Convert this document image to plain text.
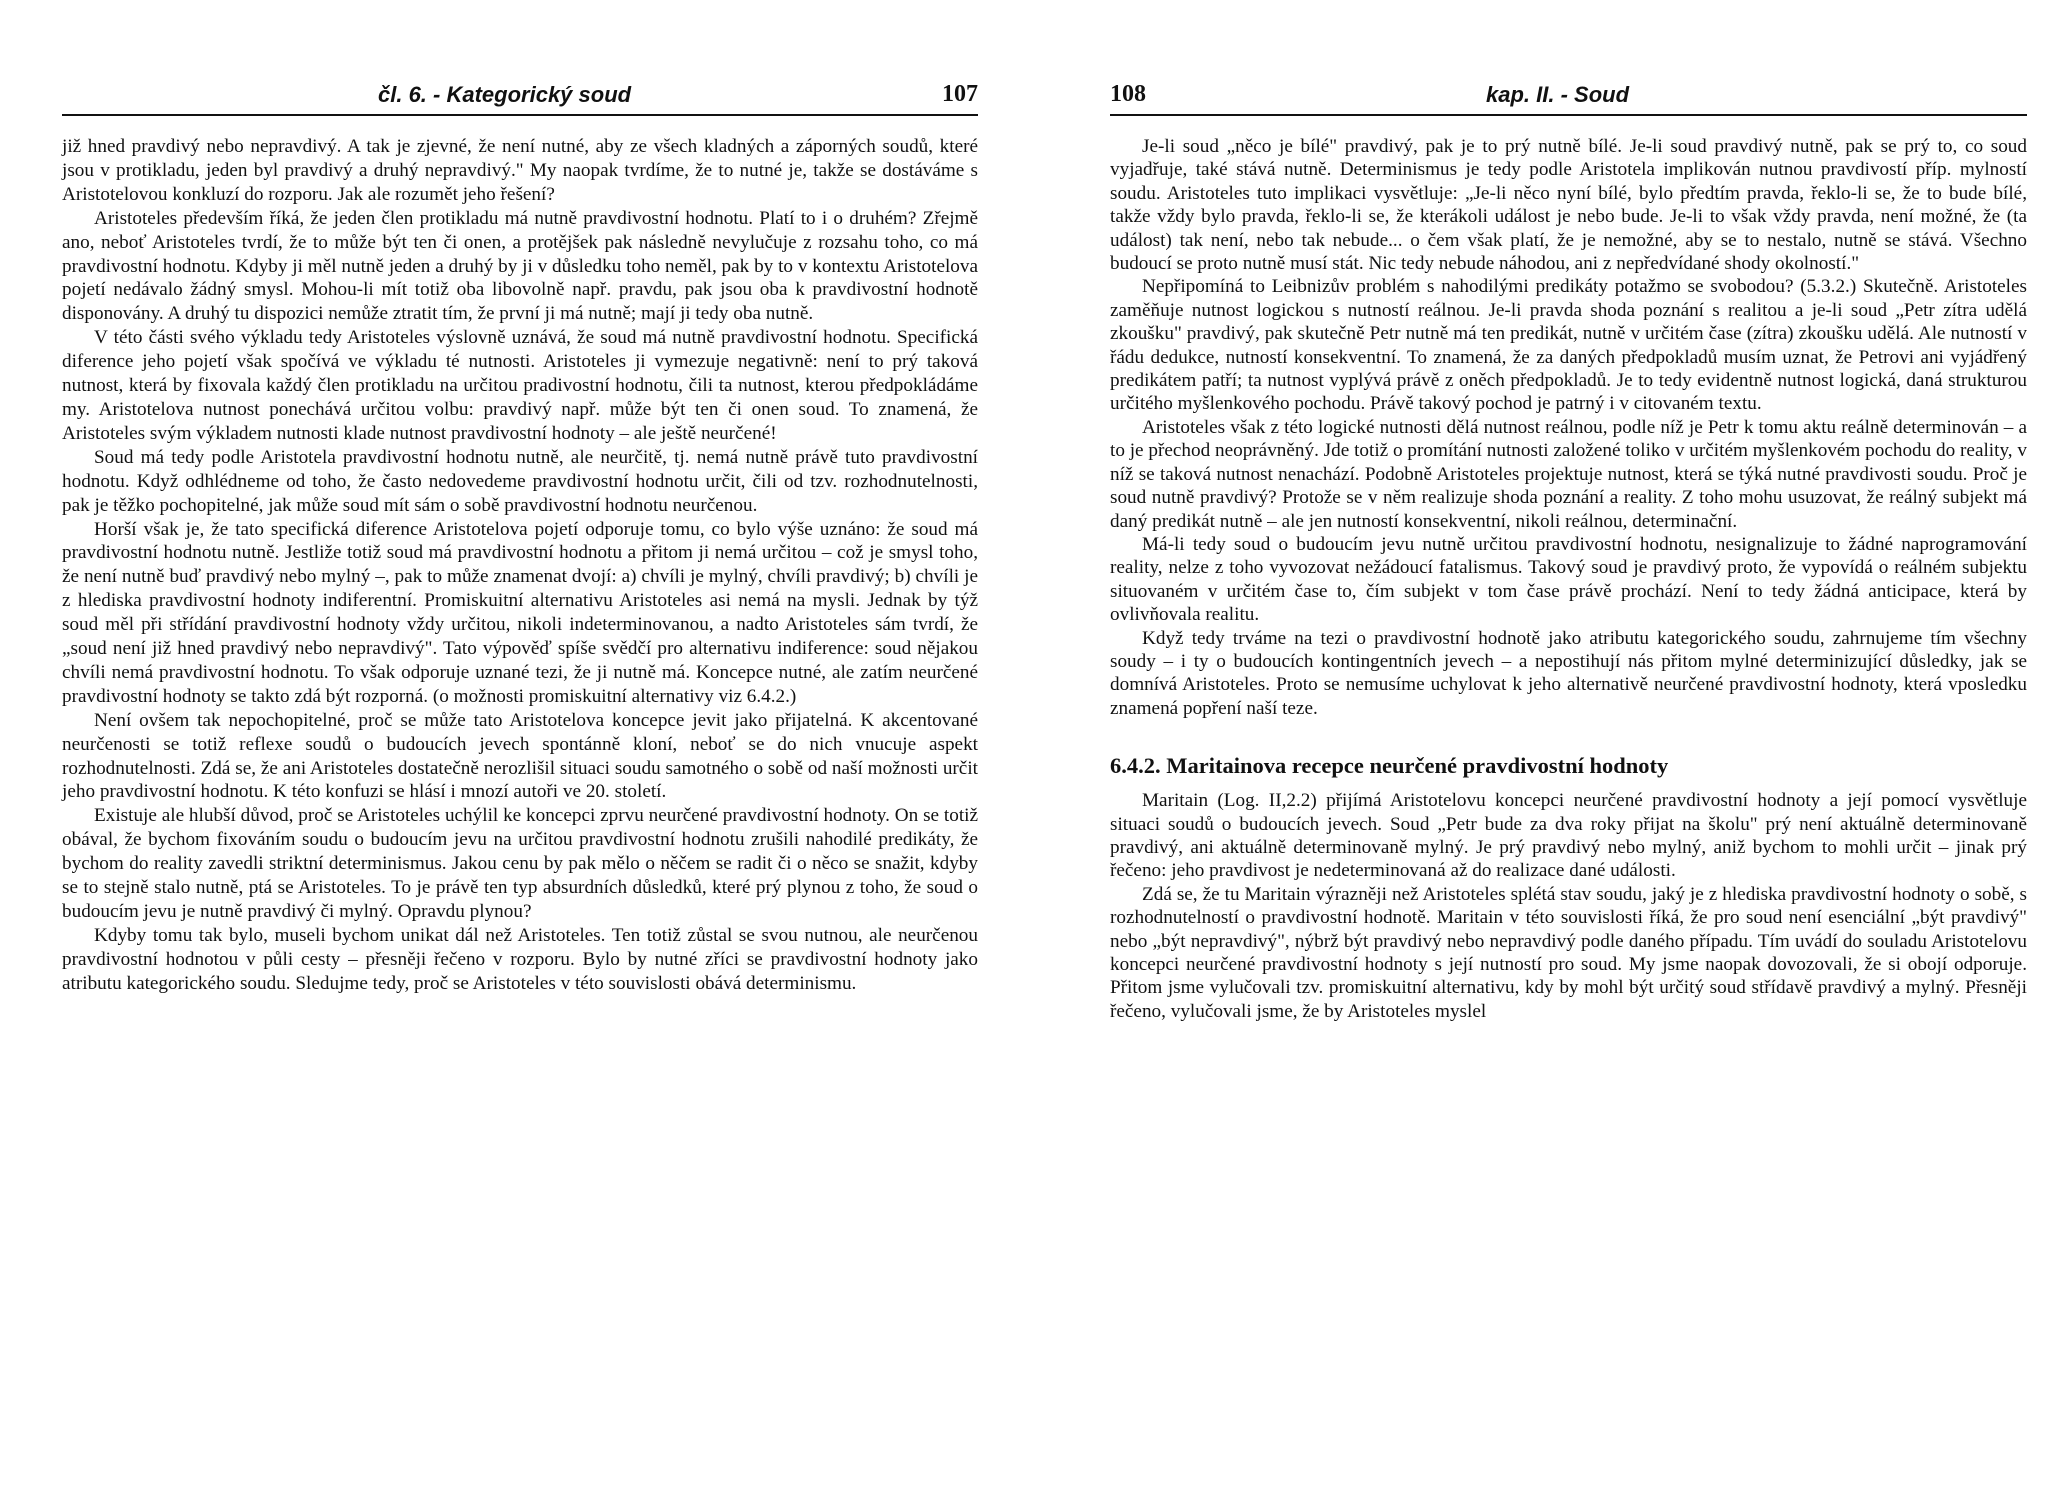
čl. 6. - Kategorický soud	107

již hned pravdivý nebo nepravdivý. A tak je zjevné, že není nutné, aby ze všech kladných a záporných soudů, které jsou v protikladu, jeden byl pravdivý a druhý nepravdivý." My naopak tvrdíme, že to nutné je, takže se dostáváme s Aristotelovou konkluzí do rozporu. Jak ale rozumět jeho řešení?

Aristoteles především říká, že jeden člen protikladu má nutně pravdivostní hodnotu. Platí to i o druhém? Zřejmě ano, neboť Aristoteles tvrdí, že to může být ten či onen, a protějšek pak následně nevylučuje z rozsahu toho, co má pravdivostní hodnotu. Kdyby ji měl nutně jeden a druhý by ji v důsledku toho neměl, pak by to v kontextu Aristotelova pojetí nedávalo žádný smysl. Mohou-li mít totiž oba libovolně např. pravdu, pak jsou oba k pravdivostní hodnotě disponovány. A druhý tu dispozici nemůže ztratit tím, že první ji má nutně; mají ji tedy oba nutně.

V této části svého výkladu tedy Aristoteles výslovně uznává, že soud má nutně pravdivostní hodnotu. Specifická diference jeho pojetí však spočívá ve výkladu té nutnosti. Aristoteles ji vymezuje negativně: není to prý taková nutnost, která by fixovala každý člen protikladu na určitou pradivostní hodnotu, čili ta nutnost, kterou předpokládáme my. Aristotelova nutnost ponechává určitou volbu: pravdivý např. může být ten či onen soud. To znamená, že Aristoteles svým výkladem nutnosti klade nutnost pravdivostní hodnoty – ale ještě neurčené!

Soud má tedy podle Aristotela pravdivostní hodnotu nutně, ale neurčitě, tj. nemá nutně právě tuto pravdivostní hodnotu. Když odhlédneme od toho, že často nedovedeme pravdivostní hodnotu určit, čili od tzv. rozhodnutelnosti, pak je těžko pochopitelné, jak může soud mít sám o sobě pravdivostní hodnotu neurčenou.

Horší však je, že tato specifická diference Aristotelova pojetí odporuje tomu, co bylo výše uznáno: že soud má pravdivostní hodnotu nutně. Jestliže totiž soud má pravdivostní hodnotu a přitom ji nemá určitou – což je smysl toho, že není nutně buď pravdivý nebo mylný –, pak to může znamenat dvojí: a) chvíli je mylný, chvíli pravdivý; b) chvíli je z hlediska pravdivostní hodnoty indiferentní. Promiskuitní alternativu Aristoteles asi nemá na mysli. Jednak by týž soud měl při střídání pravdivostní hodnoty vždy určitou, nikoli indeterminovanou, a nadto Aristoteles sám tvrdí, že „soud není již hned pravdivý nebo nepravdivý". Tato výpověď spíše svědčí pro alternativu indiference: soud nějakou chvíli nemá pravdivostní hodnotu. To však odporuje uznané tezi, že ji nutně má. Koncepce nutné, ale zatím neurčené pravdivostní hodnoty se takto zdá být rozporná. (o možnosti promiskuitní alternativy viz 6.4.2.)

Není ovšem tak nepochopitelné, proč se může tato Aristotelova koncepce jevit jako přijatelná. K akcentované neurčenosti se totiž reflexe soudů o budoucích jevech spontánně kloní, neboť se do nich vnucuje aspekt rozhodnutelnosti. Zdá se, že ani Aristoteles dostatečně nerozlišil situaci soudu samotného o sobě od naší možnosti určit jeho pravdivostní hodnotu. K této konfuzi se hlásí i mnozí autoři ve 20. století.

Existuje ale hlubší důvod, proč se Aristoteles uchýlil ke koncepci zprvu neurčené pravdivostní hodnoty. On se totiž obával, že bychom fixováním soudu o budoucím jevu na určitou pravdivostní hodnotu zrušili nahodilé predikáty, že bychom do reality zavedli striktní determinismus. Jakou cenu by pak mělo o něčem se radit či o něco se snažit, kdyby se to stejně stalo nutně, ptá se Aristoteles. To je právě ten typ absurdních důsledků, které prý plynou z toho, že soud o budoucím jevu je nutně pravdivý či mylný. Opravdu plynou?

Kdyby tomu tak bylo, museli bychom unikat dál než Aristoteles. Ten totiž zůstal se svou nutnou, ale neurčenou pravdivostní hodnotou v půli cesty – přesněji řečeno v rozporu. Bylo by nutné zříci se pravdivostní hodnoty jako atributu kategorického soudu. Sledujme tedy, proč se Aristoteles v této souvislosti obává determinismu.

108	kap. II. - Soud

Je-li soud „něco je bílé" pravdivý, pak je to prý nutně bílé. Je-li soud pravdivý nutně, pak se prý to, co soud vyjadřuje, také stává nutně. Determinismus je tedy podle Aristotela implikován nutnou pravdivostí příp. mylností soudu. Aristoteles tuto implikaci vysvětluje: „Je-li něco nyní bílé, bylo předtím pravda, řeklo-li se, že to bude bílé, takže vždy bylo pravda, řeklo-li se, že kterákoli událost je nebo bude. Je-li to však vždy pravda, není možné, že (ta událost) tak není, nebo tak nebude... o čem však platí, že je nemožné, aby se to nestalo, nutně se stává. Všechno budoucí se proto nutně musí stát. Nic tedy nebude náhodou, ani z nepředvídané shody okolností."

Nepřipomíná to Leibnizův problém s nahodilými predikáty potažmo se svobodou? (5.3.2.) Skutečně. Aristoteles zaměňuje nutnost logickou s nutností reálnou. Je-li pravda shoda poznání s realitou a je-li soud „Petr zítra udělá zkoušku" pravdivý, pak skutečně Petr nutně má ten predikát, nutně v určitém čase (zítra) zkoušku udělá. Ale nutností v řádu dedukce, nutností konsekventní. To znamená, že za daných předpokladů musím uznat, že Petrovi ani vyjádřený predikátem patří; ta nutnost vyplývá právě z oněch předpokladů. Je to tedy evidentně nutnost logická, daná strukturou určitého myšlenkového pochodu. Právě takový pochod je patrný i v citovaném textu.

Aristoteles však z této logické nutnosti dělá nutnost reálnou, podle níž je Petr k tomu aktu reálně determinován – a to je přechod neoprávněný. Jde totiž o promítání nutnosti založené toliko v určitém myšlenkovém pochodu do reality, v níž se taková nutnost nenachází. Podobně Aristoteles projektuje nutnost, která se týká nutné pravdivosti soudu. Proč je soud nutně pravdivý? Protože se v něm realizuje shoda poznání a reality. Z toho mohu usuzovat, že reálný subjekt má daný predikát nutně – ale jen nutností konsekventní, nikoli reálnou, determinační.

Má-li tedy soud o budoucím jevu nutně určitou pravdivostní hodnotu, nesignalizuje to žádné naprogramování reality, nelze z toho vyvozovat nežádoucí fatalismus. Takový soud je pravdivý proto, že vypovídá o reálném subjektu situovaném v určitém čase to, čím subjekt v tom čase právě prochází. Není to tedy žádná anticipace, která by ovlivňovala realitu.

Když tedy trváme na tezi o pravdivostní hodnotě jako atributu kategorického soudu, zahrnujeme tím všechny soudy – i ty o budoucích kontingentních jevech – a nepostihují nás přitom mylné determinizující důsledky, jak se domnívá Aristoteles. Proto se nemusíme uchylovat k jeho alternativě neurčené pravdivostní hodnoty, která vposledku znamená popření naší teze.

6.4.2. Maritainova recepce neurčené pravdivostní hodnoty

Maritain (Log. II,2.2) přijímá Aristotelovu koncepci neurčené pravdivostní hodnoty a její pomocí vysvětluje situaci soudů o budoucích jevech. Soud „Petr bude za dva roky přijat na školu" prý není aktuálně determinovaně pravdivý, ani aktuálně determinovaně mylný. Je prý pravdivý nebo mylný, aniž bychom to mohli určit – jinak prý řečeno: jeho pravdivost je nedeterminovaná až do realizace dané události.

Zdá se, že tu Maritain výrazněji než Aristoteles splétá stav soudu, jaký je z hlediska pravdivostní hodnoty o sobě, s rozhodnutelností o pravdivostní hodnotě. Maritain v této souvislosti říká, že pro soud není esenciální „být pravdivý" nebo „být nepravdivý", nýbrž být pravdivý nebo nepravdivý podle daného případu. Tím uvádí do souladu Aristotelovu koncepci neurčené pravdivostní hodnoty s její nutností pro soud. My jsme naopak dovozovali, že si obojí odporuje. Přitom jsme vylučovali tzv. promiskuitní alternativu, kdy by mohl být určitý soud střídavě pravdivý a mylný. Přesněji řečeno, vylučovali jsme, že by Aristoteles myslel
